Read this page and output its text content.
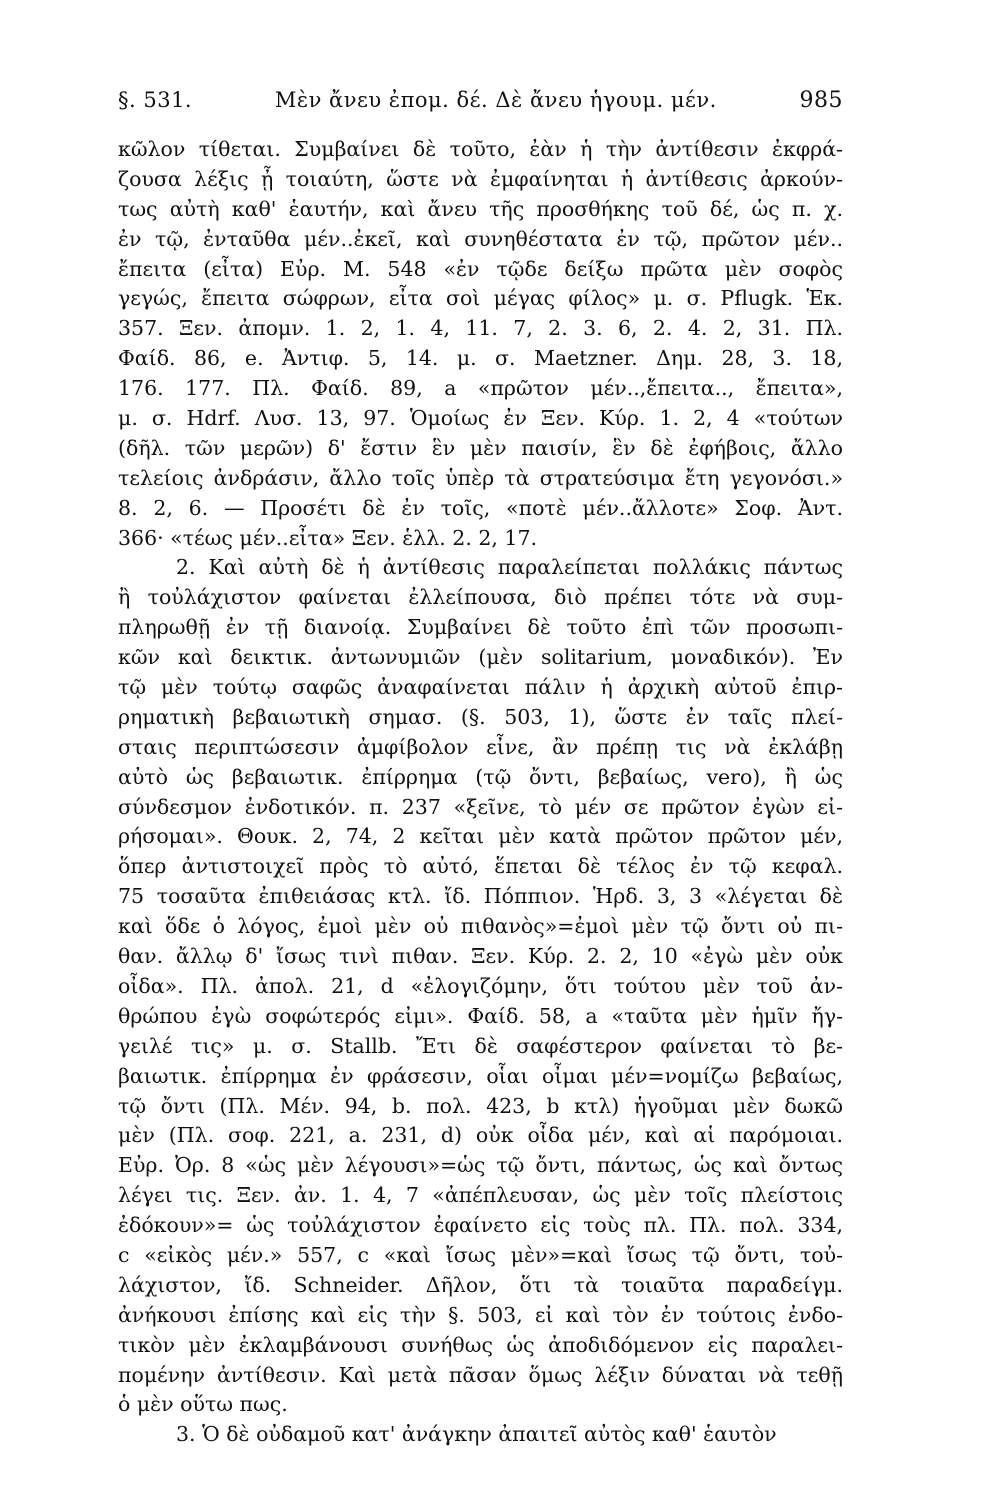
§. 531.	Μὲν ἄνευ ἐπομ. δέ. Δὲ ἄνευ ἡγουμ. μέν.	985
κῶλον τίθεται. Συμβαίνει δὲ τοῦτο, ἐὰν ἡ τὴν ἀντίθεσιν ἐκφρά-
ζουσα λέξις ᾖ τοιαύτη, ὥστε νὰ ἐμφαίνηται ἡ ἀντίθεσις ἀρκούν-
τως αὐτὴ καθ' ἑαυτήν, καὶ ἄνευ τῆς προσθήκης τοῦ δέ, ὡς π. χ.
ἐν τῷ, ἐνταῦθα μέν..ἐκεῖ, καὶ συνηθέστατα ἐν τῷ, πρῶτον μέν..
ἔπειτα (εἶτα) Εὐρ. Μ. 548 «ἐν τῷδε δείξω πρῶτα μὲν σοφὸς
γεγώς, ἔπειτα σώφρων, εἶτα σοὶ μέγας φίλος» μ. σ. Pflugk. Ἑκ.
357. Ξεν. ἀπομν. 1. 2, 1. 4, 11. 7, 2. 3. 6, 2. 4. 2, 31. Πλ.
Φαίδ. 86, e. Ἀντιφ. 5, 14. μ. σ. Maetzner. Δημ. 28, 3. 18,
176. 177. Πλ. Φαίδ. 89, a «πρῶτον μέν..,ἔπειτα.., ἔπειτα»,
μ. σ. Hdrf. Λυσ. 13, 97. Ὁμοίως ἐν Ξεν. Κύρ. 1. 2, 4 «τούτων
(δῆλ. τῶν μερῶν) δ' ἔστιν ἓν μὲν παισίν, ἓν δὲ ἐφήβοις, ἄλλο
τελείοις ἀνδράσιν, ἄλλο τοῖς ὑπὲρ τὰ στρατεύσιμα ἔτη γεγονόσι.»
8. 2, 6. — Προσέτι δὲ ἐν τοῖς, «ποτὲ μέν..ἄλλοτε» Σοφ. Ἀντ.
366· «τέως μέν..εἶτα» Ξεν. ἑλλ. 2. 2, 17.
2. Καὶ αὐτὴ δὲ ἡ ἀντίθεσις παραλείπεται πολλάκις πάντως
ἢ τοὐλάχιστον φαίνεται ἐλλείπουσα, διὸ πρέπει τότε νὰ συμ-
πληρωθῇ ἐν τῇ διανοίᾳ. Συμβαίνει δὲ τοῦτο ἐπὶ τῶν προσωπι-
κῶν καὶ δεικτικ. ἀντωνυμιῶν (μὲν solitarium, μοναδικόν). Ἐν
τῷ μὲν τούτῳ σαφῶς ἀναφαίνεται πάλιν ἡ ἀρχικὴ αὐτοῦ ἐπιρ-
ρηματικὴ βεβαιωτικὴ σημασ. (§. 503, 1), ὥστε ἐν ταῖς πλεί-
σταις περιπτώσεσιν ἀμφίβολον εἶνε, ἂν πρέπῃ τις νὰ ἐκλάβῃ
αὐτὸ ὡς βεβαιωτικ. ἐπίρρημα (τῷ ὄντι, βεβαίως, vero), ἢ ὡς
σύνδεσμον ἐνδοτικόν. π. 237 «ξεῖνε, τὸ μέν σε πρῶτον ἐγὼν εἰ-
ρήσομαι». Θουκ. 2, 74, 2 κεῖται μὲν κατὰ πρῶτον πρῶτον μέν,
ὅπερ ἀντιστοιχεῖ πρὸς τὸ αὐτό, ἕπεται δὲ τέλος ἐν τῷ κεφαλ.
75 τοσαῦτα ἐπιθειάσας κτλ. ἴδ. Πόππιον. Ἡρδ. 3, 3 «λέγεται δὲ
καὶ ὅδε ὁ λόγος, ἐμοὶ μὲν οὐ πιθανὸς»=ἐμοὶ μὲν τῷ ὄντι οὐ πι-
θαν. ἄλλῳ δ' ἴσως τινὶ πιθαν. Ξεν. Κύρ. 2. 2, 10 «ἐγὼ μὲν οὐκ
οἶδα». Πλ. ἀπολ. 21, d «ἐλογιζόμην, ὅτι τούτου μὲν τοῦ ἀν-
θρώπου ἐγὼ σοφώτερός εἰμι». Φαίδ. 58, a «ταῦτα μὲν ἡμῖν ἤγ-
γειλέ τις» μ. σ. Stallb. Ἔτι δὲ σαφέστερον φαίνεται τὸ βε-
βαιωτικ. ἐπίρρημα ἐν φράσεσιν, οἷαι οἶμαι μέν=νομίζω βεβαίως,
τῷ ὄντι (Πλ. Μέν. 94, b. πολ. 423, b κτλ) ἡγοῦμαι μὲν δωκῶ
μὲν (Πλ. σοφ. 221, a. 231, d) οὐκ οἶδα μέν, καὶ αἱ παρόμοιαι.
Εὐρ. Ὀρ. 8 «ὡς μὲν λέγουσι»=ὡς τῷ ὄντι, πάντως, ὡς καὶ ὄντως
λέγει τις. Ξεν. ἀν. 1. 4, 7 «ἀπέπλευσαν, ὡς μὲν τοῖς πλείστοις
ἐδόκουν»= ὡς τοὐλάχιστον ἐφαίνετο εἰς τοὺς πλ. Πλ. πολ. 334,
c «εἰκὸς μέν.» 557, c «καὶ ἴσως μὲν»=καὶ ἴσως τῷ ὄντι, τοὐ-
λάχιστον, ἴδ. Schneider. Δῆλον, ὅτι τὰ τοιαῦτα παραδείγμ.
ἀνήκουσι ἐπίσης καὶ εἰς τὴν §. 503, εἰ καὶ τὸν ἐν τούτοις ἐνδο-
τικὸν μὲν ἐκλαμβάνουσι συνήθως ὡς ἀποδιδόμενον εἰς παραλει-
πομένην ἀντίθεσιν. Καὶ μετὰ πᾶσαν ὅμως λέξιν δύναται νὰ τεθῇ
ὁ μὲν οὕτω πως.
3. Ὁ δὲ οὐδαμοῦ κατ' ἀνάγκην ἀπαιτεῖ αὐτὸς καθ' ἑαυτὸν
